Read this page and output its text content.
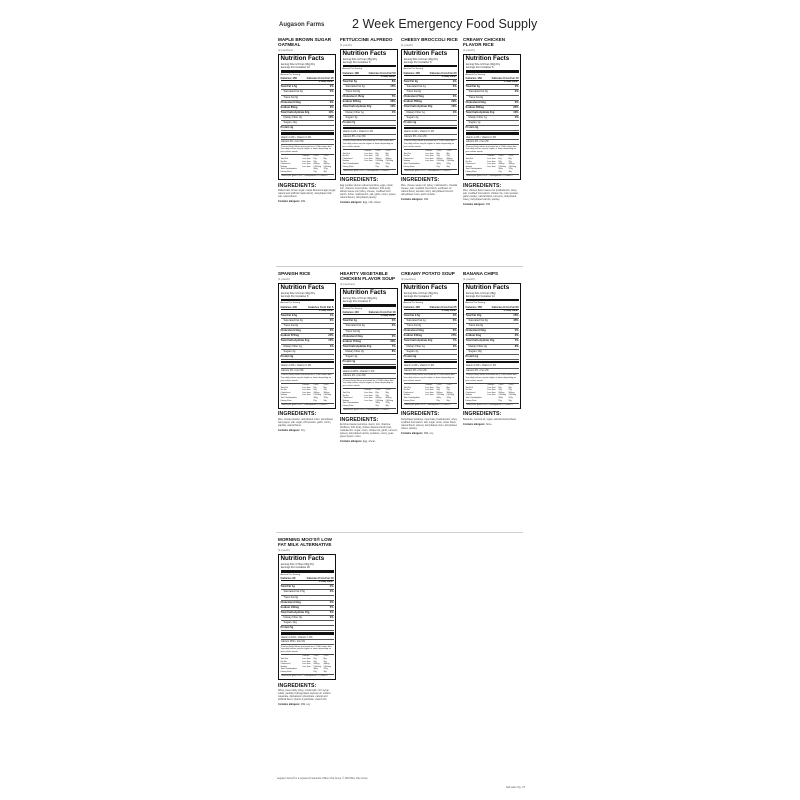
Augason Farms 2 Week Emergency Food Supply
MAPLE BROWN SUGAR OATMEAL
(2 pouches)
Nutrition Facts
Serving Size 1/4 Cup (43g) Dry
Servings Per Container 12
Amount Per Serving
Calories 150	Calories from Fat 15
% Daily Value*
Total Fat 1.5g	2%
Saturated Fat 0g	0%
Trans Fat 0g
Cholesterol 0mg	0%
Sodium 80mg	3%
Total Carbohydrate 32g	11%
Dietary Fiber 3g	12%
Sugars 12g
Protein 4g
Vitamin A 0% • Vitamin C 0%
Calcium 2% • Iron 6%
*Percent Daily Values are based on a 2,000 calorie diet. Your daily values may be higher or lower depending on your calorie needs.
	Calories	2,000	2,500
Total Fat	Less than	65g	80g
Sat Fat	Less than	20g	25g
Cholesterol	Less than	300mg	300mg
Sodium	Less than	2,400mg	2,400mg
Total Carbohydrate		300g	375g
Dietary Fiber		25g	30g
Calories per gram: Fat 9 • Carbohydrate 4 • Protein 4
INGREDIENTS:
Rolled oats, brown sugar, maple flavored sugar (sugar, natural and artificial maple flavor), dehydrated milk, salt, natural flavor.
Contains allergens: Milk.
FETTUCCINE ALFREDO
(1 pouch)
Nutrition Facts
Serving Size 1/2 Cup (45g) Dry
Servings Per Container 8
Amount Per Serving
Calories 190	Calories from Fat 50
% Daily Value*
Total Fat 5g	8%
Saturated Fat 3g	15%
Trans Fat 0g
Cholesterol 15mg	5%
Sodium 620mg	26%
Total Carbohydrate 29g	10%
Dietary Fiber 1g	4%
Sugars 3g
Protein 7g
Vitamin A 2% • Vitamin C 0%
Calcium 8% • Iron 6%
*Percent Daily Values are based on a 2,000 calorie diet. Your daily values may be higher or lower depending on your calorie needs.
	Calories	2,000	2,500
Total Fat	Less than	65g	80g
Sat Fat	Less than	20g	25g
Cholesterol	Less than	300mg	300mg
Sodium	Less than	2,400mg	2,400mg
Total Carbohydrate		300g	375g
Dietary Fiber		25g	30g
Calories per gram: Fat 9 • Carbohydrate 4 • Protein 4
INGREDIENTS:
Egg noodles (durum wheat semolina, eggs, niacin, iron, thiamine mononitrate, riboflavin, folic acid), alfredo sauce mix (whey, cheese, modified food starch, butter, maltodextrin, salt, garlic, onion, spices, natural flavor), dehydrated parsley.
Contains allergens: Egg, milk, wheat.
CHEESY BROCCOLI RICE
(1 pouch)
Nutrition Facts
Serving Size 1/4 Cup (40g) Dry
Servings Per Container 8
Amount Per Serving
Calories 150	Calories from Fat 20
% Daily Value*
Total Fat 2g	3%
Saturated Fat 1g	5%
Trans Fat 0g
Cholesterol 5mg	2%
Sodium 560mg	23%
Total Carbohydrate 29g	10%
Dietary Fiber 1g	4%
Sugars 2g
Protein 4g
Vitamin A 4% • Vitamin C 2%
Calcium 6% • Iron 2%
*Percent Daily Values are based on a 2,000 calorie diet. Your daily values may be higher or lower depending on your calorie needs.
	Calories	2,000	2,500
Total Fat	Less than	65g	80g
Sat Fat	Less than	20g	25g
Cholesterol	Less than	300mg	300mg
Sodium	Less than	2,400mg	2,400mg
Total Carbohydrate		300g	375g
Dietary Fiber		25g	30g
Calories per gram: Fat 9 • Carbohydrate 4 • Protein 4
INGREDIENTS:
Rice, cheese sauce mix (whey, maltodextrin, cheddar cheese, salt, modified food starch, sunflower oil, natural flavor, annatto color), dehydrated broccoli, dehydrated onion, garlic powder.
Contains allergens: Milk.
CREAMY CHICKEN FLAVOR RICE
(1 pouch)
Nutrition Facts
Serving Size 1/4 Cup (40g) Dry
Servings Per Container 8
Amount Per Serving
Calories 150	Calories from Fat 10
% Daily Value*
Total Fat 1g	2%
Saturated Fat 0g	0%
Trans Fat 0g
Cholesterol 0mg	0%
Sodium 590mg	25%
Total Carbohydrate 31g	10%
Dietary Fiber 1g	4%
Sugars 1g
Protein 3g
Vitamin A 0% • Vitamin C 0%
Calcium 2% • Iron 2%
*Percent Daily Values are based on a 2,000 calorie diet. Your daily values may be higher or lower depending on your calorie needs.
	Calories	2,000	2,500
Total Fat	Less than	65g	80g
Sat Fat	Less than	20g	25g
Cholesterol	Less than	300mg	300mg
Sodium	Less than	2,400mg	2,400mg
Total Carbohydrate		300g	375g
Dietary Fiber		25g	30g
Calories per gram: Fat 9 • Carbohydrate 4 • Protein 4
INGREDIENTS:
Rice, chicken flavor sauce mix (maltodextrin, whey, salt, modified food starch, chicken fat, onion powder, garlic powder, natural flavor, turmeric), dehydrated celery, dehydrated carrots, parsley.
Contains allergens: Milk.
SPANISH RICE
(1 pouch)
Nutrition Facts
Serving Size 1/4 Cup (40g) Dry
Servings Per Container 8
Amount Per Serving
Calories 140	Calories from Fat 5
% Daily Value*
Total Fat 0.5g	1%
Saturated Fat 0g	0%
Trans Fat 0g
Cholesterol 0mg	0%
Sodium 570mg	24%
Total Carbohydrate 31g	10%
Dietary Fiber 1g	4%
Sugars 2g
Protein 3g
Vitamin A 6% • Vitamin C 4%
Calcium 2% • Iron 6%
*Percent Daily Values are based on a 2,000 calorie diet. Your daily values may be higher or lower depending on your calorie needs.
	Calories	2,000	2,500
Total Fat	Less than	65g	80g
Sat Fat	Less than	20g	25g
Cholesterol	Less than	300mg	300mg
Sodium	Less than	2,400mg	2,400mg
Total Carbohydrate		300g	375g
Dietary Fiber		25g	30g
Calories per gram: Fat 9 • Carbohydrate 4 • Protein 4
INGREDIENTS:
Rice, tomato powder, dehydrated onion, dehydrated bell pepper, salt, sugar, chili powder, garlic, cumin, paprika, natural flavor.
Contains allergens: Soy.
HEARTY VEGETABLE CHICKEN FLAVOR SOUP
(2 pouches)
Nutrition Facts
Serving Size 1/3 Cup (32g) Dry
Servings Per Container 8
Amount Per Serving
Calories 110	Calories from Fat 10
% Daily Value*
Total Fat 1g	2%
Saturated Fat 0g	0%
Trans Fat 0g
Cholesterol 0mg	0%
Sodium 710mg	30%
Total Carbohydrate 21g	7%
Dietary Fiber 2g	8%
Sugars 3g
Protein 4g
Vitamin A 20% • Vitamin C 2%
Calcium 2% • Iron 6%
*Percent Daily Values are based on a 2,000 calorie diet. Your daily values may be higher or lower depending on your calorie needs.
	Calories	2,000	2,500
Total Fat	Less than	65g	80g
Sat Fat	Less than	20g	25g
Cholesterol	Less than	300mg	300mg
Sodium	Less than	2,400mg	2,400mg
Total Carbohydrate		300g	375g
Dietary Fiber		25g	30g
Calories per gram: Fat 9 • Carbohydrate 4 • Protein 4
INGREDIENTS:
Enriched pasta (semolina, niacin, iron, thiamine, riboflavin, folic acid), chicken flavored broth (salt, maltodextrin, sugar, onion, chicken fat, garlic, turmeric, spices), dehydrated carrots, potatoes, celery, peas, green beans, onion.
Contains allergens: Egg, wheat.
CREAMY POTATO SOUP
(2 pouches)
Nutrition Facts
Serving Size 1/3 Cup (30g) Dry
Servings Per Container 8
Amount Per Serving
Calories 120	Calories from Fat 25
% Daily Value*
Total Fat 2.5g	4%
Saturated Fat 1g	5%
Trans Fat 0g
Cholesterol 0mg	0%
Sodium 640mg	27%
Total Carbohydrate 22g	7%
Dietary Fiber 1g	4%
Sugars 2g
Protein 3g
Vitamin A 0% • Vitamin C 6%
Calcium 4% • Iron 2%
*Percent Daily Values are based on a 2,000 calorie diet. Your daily values may be higher or lower depending on your calorie needs.
	Calories	2,000	2,500
Total Fat	Less than	65g	80g
Sat Fat	Less than	20g	25g
Cholesterol	Less than	300mg	300mg
Sodium	Less than	2,400mg	2,400mg
Total Carbohydrate		300g	375g
Dietary Fiber		25g	30g
Calories per gram: Fat 9 • Carbohydrate 4 • Protein 4
INGREDIENTS:
Dehydrated potatoes, soup base (maltodextrin, whey, modified food starch, salt, sugar, onion, butter flavor, natural flavor, spices), dehydrated onion, dehydrated chives, parsley.
Contains allergens: Milk, soy.
BANANA CHIPS
(1 pouch)
Nutrition Facts
Serving Size 1/4 Cup (28g)
Servings Per Container 12
Amount Per Serving
Calories 150	Calories from Fat 90
% Daily Value*
Total Fat 10g	15%
Saturated Fat 9g	45%
Trans Fat 0g
Cholesterol 0mg	0%
Sodium 0mg	0%
Total Carbohydrate 16g	5%
Dietary Fiber 2g	8%
Sugars 10g
Protein 1g
Vitamin A 0% • Vitamin C 2%
Calcium 0% • Iron 2%
*Percent Daily Values are based on a 2,000 calorie diet. Your daily values may be higher or lower depending on your calorie needs.
	Calories	2,000	2,500
Total Fat	Less than	65g	80g
Sat Fat	Less than	20g	25g
Cholesterol	Less than	300mg	300mg
Sodium	Less than	2,400mg	2,400mg
Total Carbohydrate		300g	375g
Dietary Fiber		25g	30g
Calories per gram: Fat 9 • Carbohydrate 4 • Protein 4
INGREDIENTS:
Bananas, coconut oil, sugar, natural banana flavor.
Contains allergens: None.
MORNING MOO'S® LOW FAT MILK ALTERNATIVE
(1 pouch)
Nutrition Facts
Serving Size 3 Tbsp (23g) Dry
Servings Per Container 20
Amount Per Serving
Calories 90	Calories from Fat 10
% Daily Value*
Total Fat 1g	2%
Saturated Fat 0.5g	3%
Trans Fat 0g
Cholesterol 0mg	0%
Sodium 130mg	5%
Total Carbohydrate 15g	5%
Dietary Fiber 0g	0%
Sugars 14g
Protein 5g
Vitamin A 10% • Vitamin C 0%
Calcium 25% • Iron 0%
*Percent Daily Values are based on a 2,000 calorie diet. Your daily values may be higher or lower depending on your calorie needs.
	Calories	2,000	2,500
Total Fat	Less than	65g	80g
Sat Fat	Less than	20g	25g
Cholesterol	Less than	300mg	300mg
Sodium	Less than	2,400mg	2,400mg
Total Carbohydrate		300g	375g
Dietary Fiber		25g	30g
Calories per gram: Fat 9 • Carbohydrate 4 • Protein 4
INGREDIENTS:
Whey, sweet dairy whey, nonfat milk, corn syrup solids, partially hydrogenated soybean oil, sodium caseinate, dipotassium phosphate, natural and artificial flavor, vitamin A palmitate, vitamin D3.
Contains allergens: Milk, soy.
Augason Farms® is a registered trademark of Blue Chip Group. © 2016 Blue Chip Group.
Salt Lake City, UT
